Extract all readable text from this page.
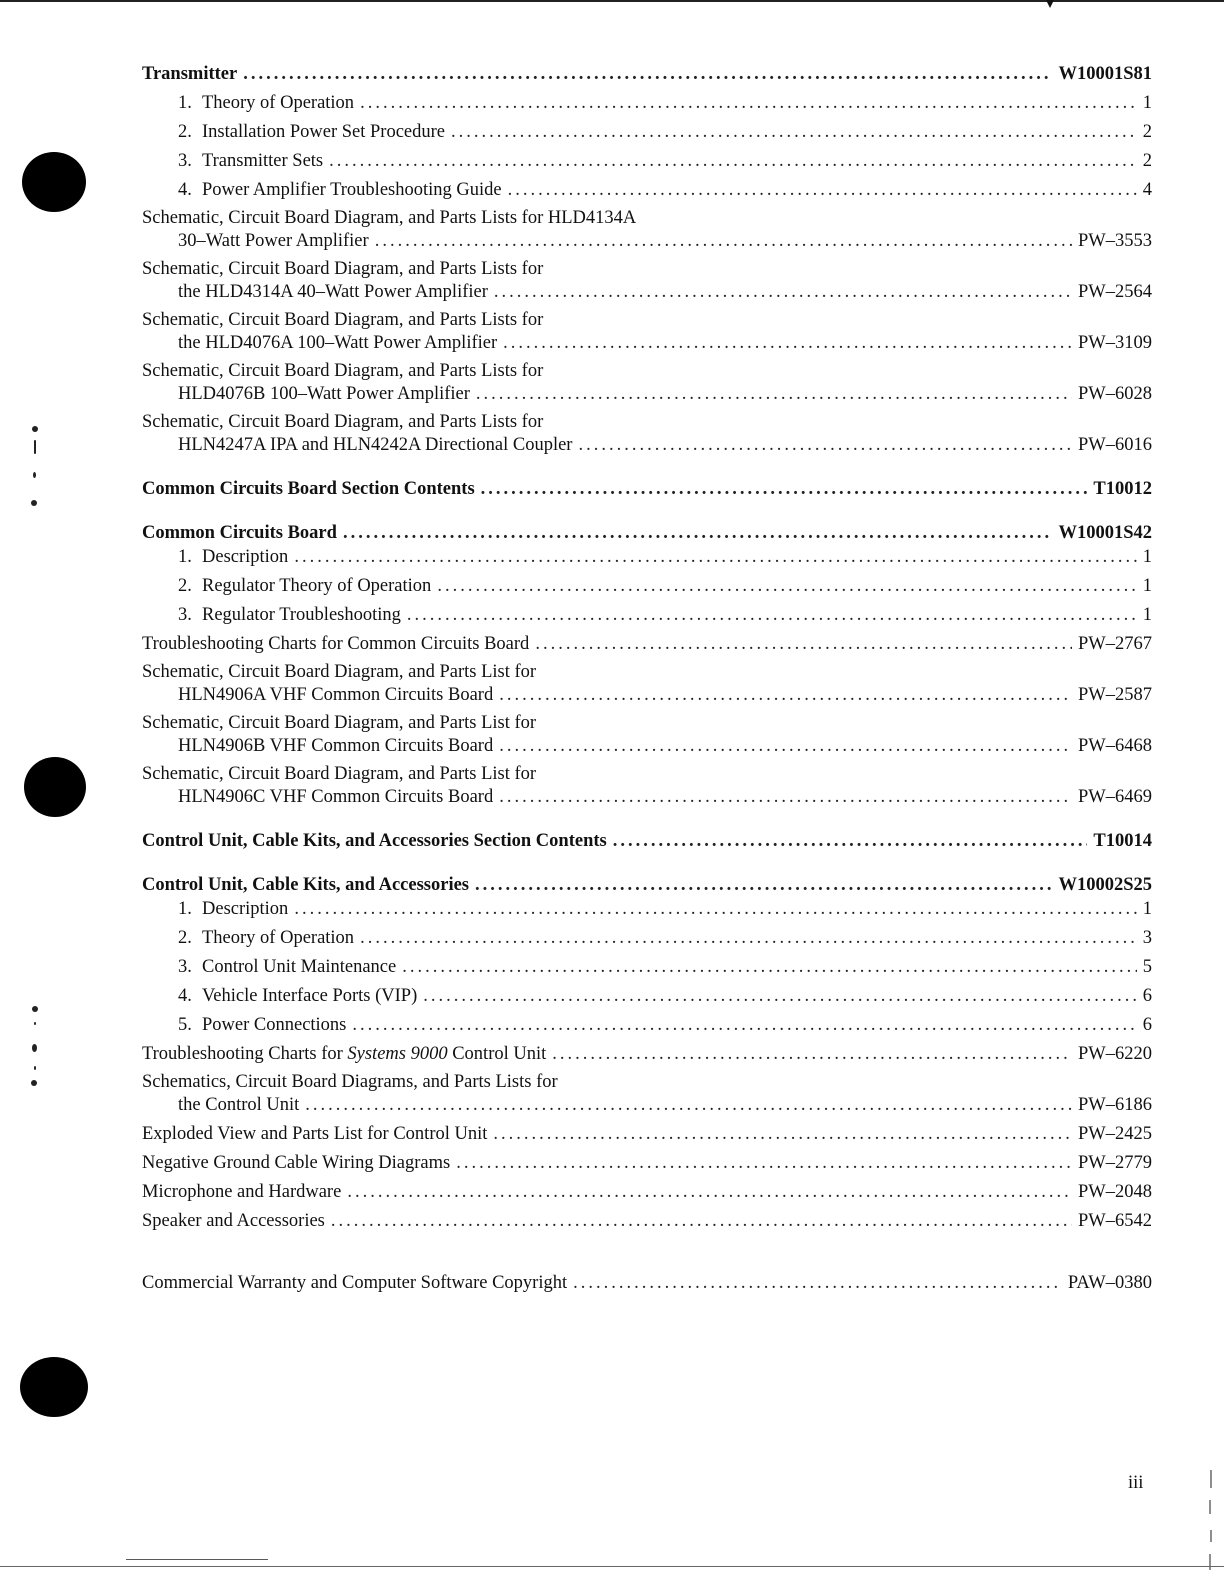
Transmitter .....	W10001S81
1. Theory of Operation .....	1
2. Installation Power Set Procedure .....	2
3. Transmitter Sets .....	2
4. Power Amplifier Troubleshooting Guide .....	4
Schematic, Circuit Board Diagram, and Parts Lists for HLD4134A
30–Watt Power Amplifier .....	PW–3553
Schematic, Circuit Board Diagram, and Parts Lists for
the HLD4314A 40–Watt Power Amplifier .....	PW–2564
Schematic, Circuit Board Diagram, and Parts Lists for
the HLD4076A 100–Watt Power Amplifier .....	PW–3109
Schematic, Circuit Board Diagram, and Parts Lists for
HLD4076B 100–Watt Power Amplifier .....	PW–6028
Schematic, Circuit Board Diagram, and Parts Lists for
HLN4247A IPA and HLN4242A Directional Coupler .....	PW–6016
Common Circuits Board Section Contents .....	T10012
Common Circuits Board .....	W10001S42
1. Description .....	1
2. Regulator Theory of Operation .....	1
3. Regulator Troubleshooting .....	1
Troubleshooting Charts for Common Circuits Board .....	PW–2767
Schematic, Circuit Board Diagram, and Parts List for
HLN4906A VHF Common Circuits Board .....	PW–2587
Schematic, Circuit Board Diagram, and Parts List for
HLN4906B VHF Common Circuits Board .....	PW–6468
Schematic, Circuit Board Diagram, and Parts List for
HLN4906C VHF Common Circuits Board .....	PW–6469
Control Unit, Cable Kits, and Accessories Section Contents .....	T10014
Control Unit, Cable Kits, and Accessories .....	W10002S25
1. Description .....	1
2. Theory of Operation .....	3
3. Control Unit Maintenance .....	5
4. Vehicle Interface Ports (VIP) .....	6
5. Power Connections .....	6
Troubleshooting Charts for Systems 9000 Control Unit .....	PW–6220
Schematics, Circuit Board Diagrams, and Parts Lists for
the Control Unit .....	PW–6186
Exploded View and Parts List for Control Unit .....	PW–2425
Negative Ground Cable Wiring Diagrams .....	PW–2779
Microphone and Hardware .....	PW–2048
Speaker and Accessories .....	PW–6542
Commercial Warranty and Computer Software Copyright .....	PAW–0380
iii
